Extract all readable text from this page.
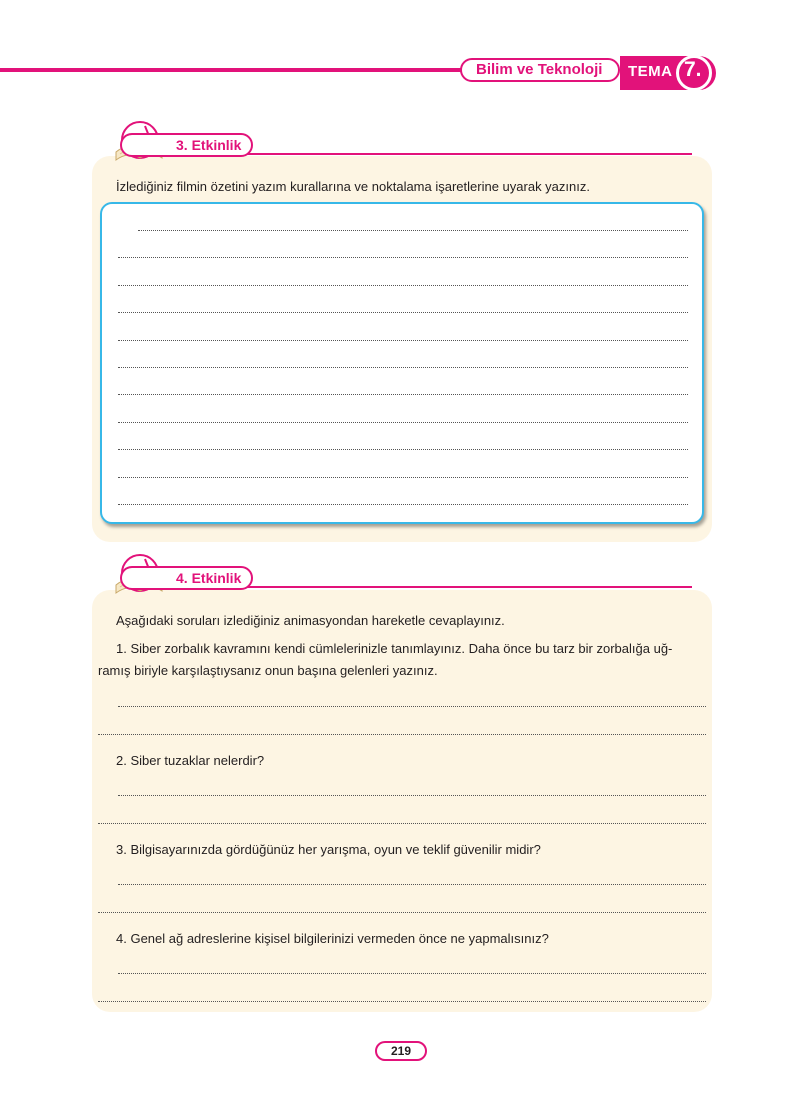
Bilim ve Teknoloji TEMA 7.
3. Etkinlik
İzlediğiniz filmin özetini yazım kurallarına ve noktalama işaretlerine uyarak yazınız.
4. Etkinlik
Aşağıdaki soruları izlediğiniz animasyondan hareketle cevaplayınız.
1. Siber zorbalık kavramını kendi cümlelerinizle tanımlayınız. Daha önce bu tarz bir zorbalığa uğ-
ramış biriyle karşılaştıysanız onun başına gelenleri yazınız.
2. Siber tuzaklar nelerdir?
3. Bilgisayarınızda gördüğünüz her yarışma, oyun ve teklif güvenilir midir?
4. Genel ağ adreslerine kişisel bilgilerinizi vermeden önce ne yapmalısınız?
219
